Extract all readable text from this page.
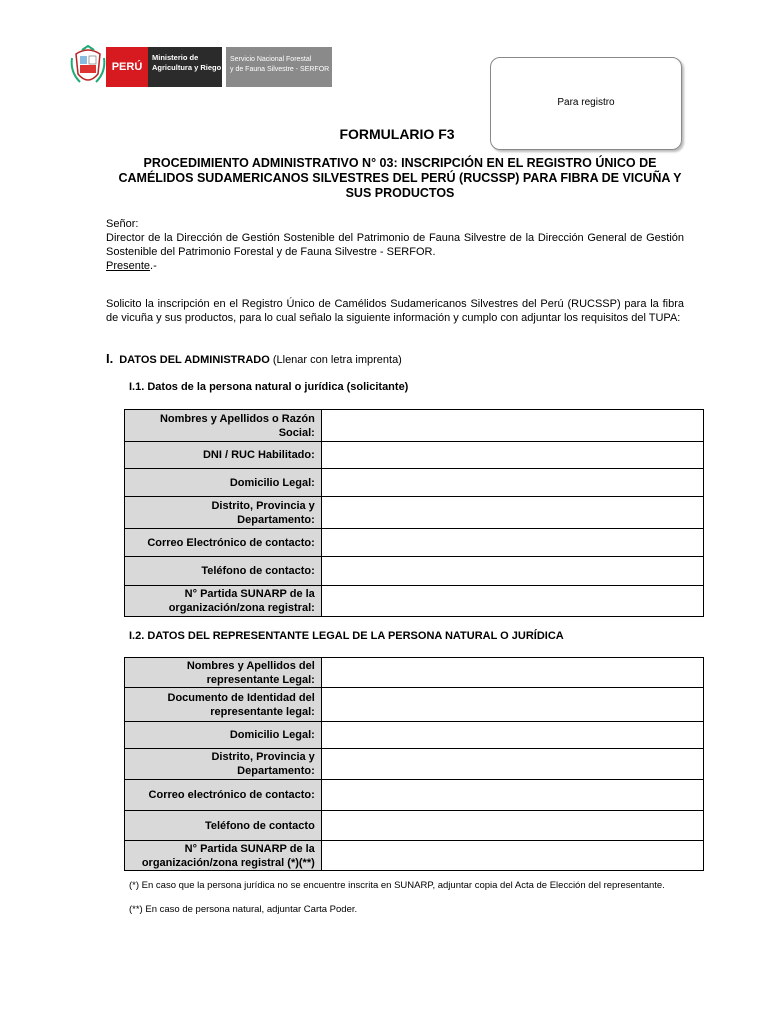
PERÚ
Ministerio de
Agricultura y Riego
Servicio Nacional Forestal
y de Fauna Silvestre - SERFOR
Para registro
FORMULARIO F3
PROCEDIMIENTO ADMINISTRATIVO N° 03: INSCRIPCIÓN EN EL REGISTRO ÚNICO DE CAMÉLIDOS SUDAMERICANOS SILVESTRES DEL PERÚ (RUCSSP) PARA FIBRA DE VICUÑA Y SUS PRODUCTOS
Señor:
Director de la Dirección de Gestión Sostenible del Patrimonio de Fauna Silvestre de la Dirección General de Gestión Sostenible del Patrimonio Forestal y de Fauna Silvestre - SERFOR.
Presente.-
Solicito la inscripción en el Registro Único de Camélidos Sudamericanos Silvestres del Perú (RUCSSP) para la fibra de vicuña y sus productos, para lo cual señalo la siguiente información y cumplo con adjuntar los requisitos del TUPA:
I. DATOS DEL ADMINISTRADO (Llenar con letra imprenta)
I.1. Datos de la persona natural o jurídica (solicitante)
Nombres y Apellidos o Razón Social:	
DNI / RUC Habilitado:	
Domicilio Legal:	
Distrito, Provincia y Departamento:	
Correo Electrónico de contacto:	
Teléfono de contacto:	
N° Partida SUNARP de la organización/zona registral:	
I.2. DATOS DEL REPRESENTANTE LEGAL DE LA PERSONA NATURAL O JURÍDICA
Nombres y Apellidos del representante Legal:	
Documento de Identidad del representante legal:	
Domicilio Legal:	
Distrito, Provincia y Departamento:	
Correo electrónico de contacto:	
Teléfono de contacto	
N° Partida SUNARP de la organización/zona registral (*)(**)	
(*) En caso que la persona jurídica no se encuentre inscrita en SUNARP, adjuntar copia del Acta de Elección del representante.
(**) En caso de persona natural, adjuntar Carta Poder.
